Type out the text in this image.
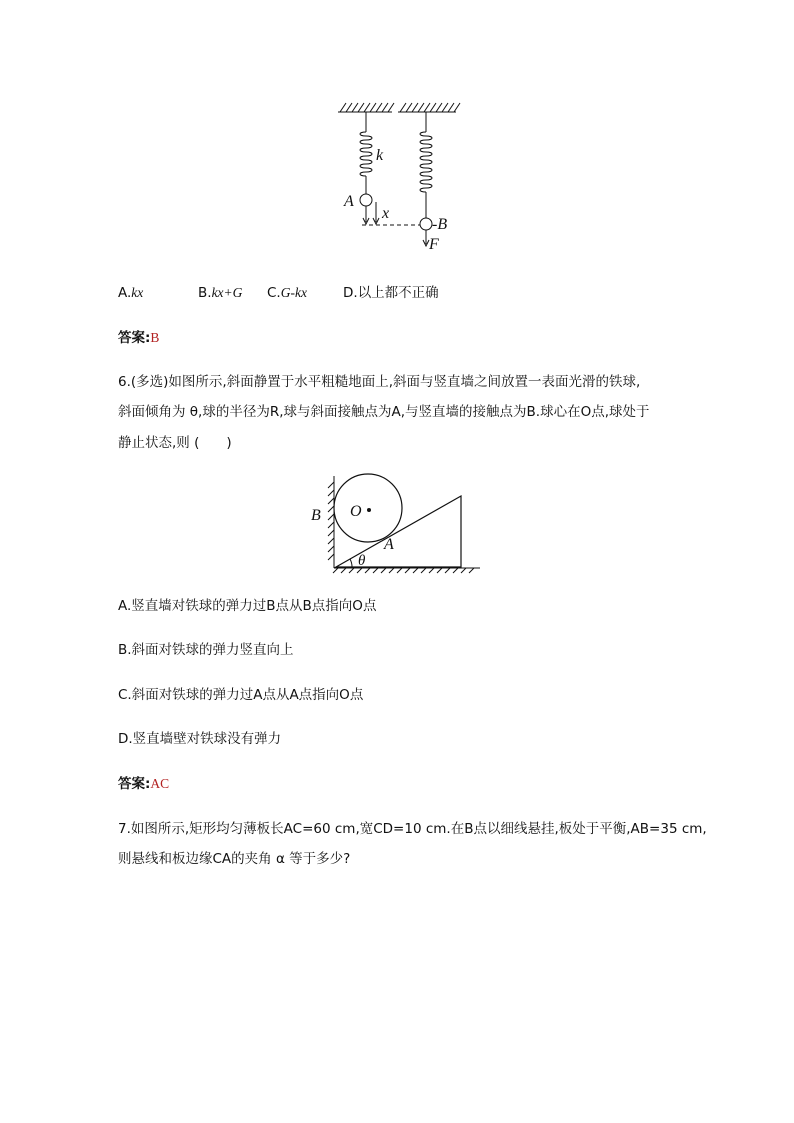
k
A
x
-B
F
A.kx	B.kx+G C.G-kx	D.以上都不正确
答案:B
6.(多选)如图所示,斜面静置于水平粗糙地面上,斜面与竖直墙之间放置一表面光滑的铁球,
斜面倾角为 θ,球的半径为R,球与斜面接触点为A,与竖直墙的接触点为B.球心在O点,球处于
静止状态,则 (　　)
B O
A
θ
A.竖直墙对铁球的弹力过B点从B点指向O点
B.斜面对铁球的弹力竖直向上
C.斜面对铁球的弹力过A点从A点指向O点
D.竖直墙壁对铁球没有弹力
答案:AC
7.如图所示,矩形均匀薄板长AC=60 cm,宽CD=10 cm.在B点以细线悬挂,板处于平衡,AB=35 cm,
则悬线和板边缘CA的夹角 α 等于多少?
